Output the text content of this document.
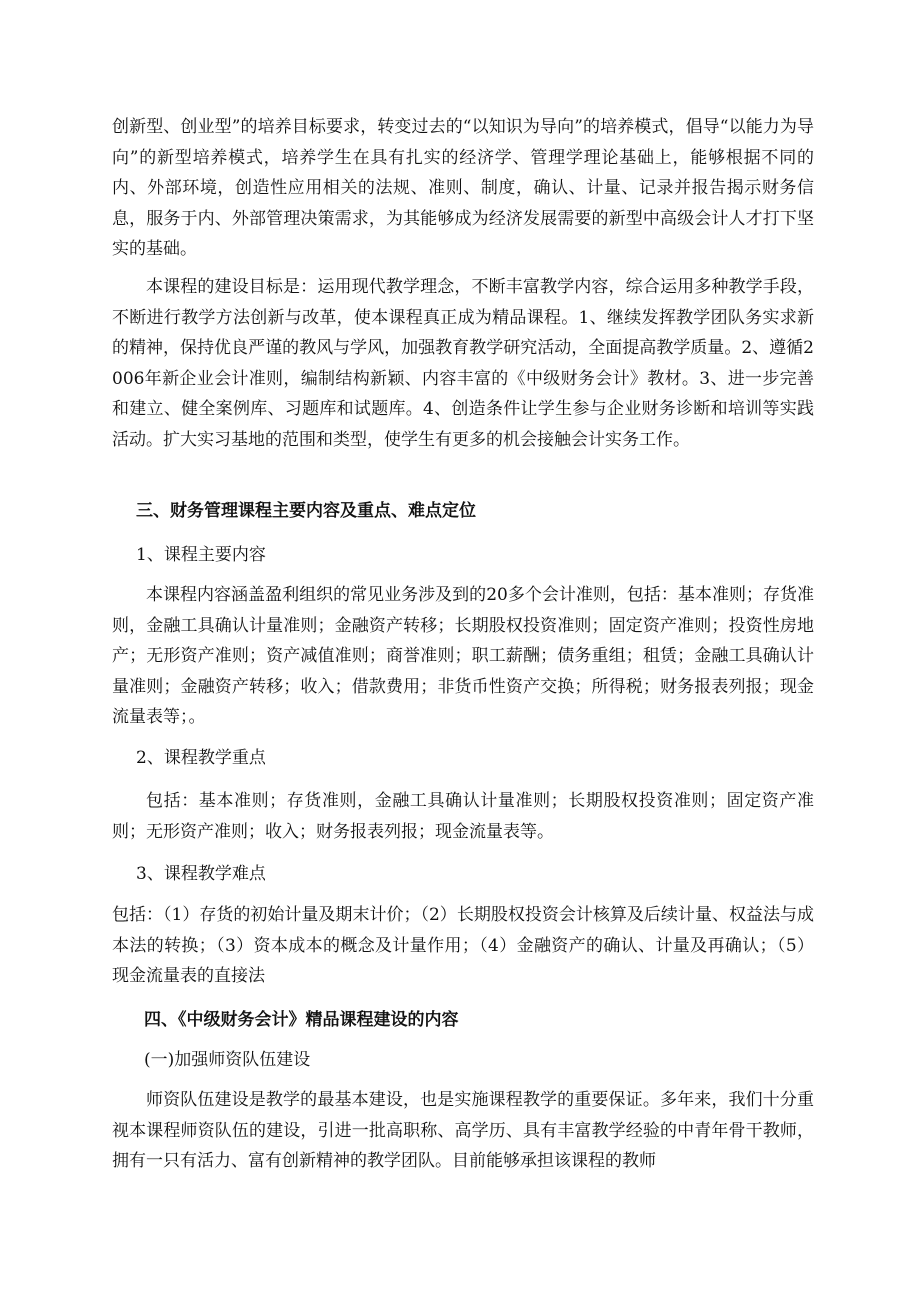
创新型、创业型”的培养目标要求，转变过去的“以知识为导向”的培养模式，倡导“以能力为导向”的新型培养模式，培养学生在具有扎实的经济学、管理学理论基础上，能够根据不同的内、外部环境，创造性应用相关的法规、准则、制度，确认、计量、记录并报告揭示财务信息，服务于内、外部管理决策需求，为其能够成为经济发展需要的新型中高级会计人才打下坚实的基础。

本课程的建设目标是：运用现代教学理念，不断丰富教学内容，综合运用多种教学手段，不断进行教学方法创新与改革，使本课程真正成为精品课程。1、继续发挥教学团队务实求新的精神，保持优良严谨的教风与学风，加强教育教学研究活动，全面提高教学质量。2、遵循2006年新企业会计准则，编制结构新颖、内容丰富的《中级财务会计》教材。3、进一步完善和建立、健全案例库、习题库和试题库。4、创造条件让学生参与企业财务诊断和培训等实践活动。扩大实习基地的范围和类型，使学生有更多的机会接触会计实务工作。

三、财务管理课程主要内容及重点、难点定位

1、课程主要内容

本课程内容涵盖盈利组织的常见业务涉及到的20多个会计准则，包括：基本准则；存货准则，金融工具确认计量准则；金融资产转移；长期股权投资准则；固定资产准则；投资性房地产；无形资产准则；资产减值准则；商誉准则；职工薪酬；债务重组；租赁；金融工具确认计量准则；金融资产转移；收入；借款费用；非货币性资产交换；所得税；财务报表列报；现金流量表等；。

2、课程教学重点

包括：基本准则；存货准则，金融工具确认计量准则；长期股权投资准则；固定资产准则；无形资产准则；收入；财务报表列报；现金流量表等。

3、课程教学难点

包括：（1）存货的初始计量及期末计价；（2）长期股权投资会计核算及后续计量、权益法与成本法的转换；（3）资本成本的概念及计量作用；（4）金融资产的确认、计量及再确认；（5）现金流量表的直接法

四、《中级财务会计》精品课程建设的内容

(一)加强师资队伍建设

师资队伍建设是教学的最基本建设，也是实施课程教学的重要保证。多年来，我们十分重视本课程师资队伍的建设，引进一批高职称、高学历、具有丰富教学经验的中青年骨干教师，拥有一只有活力、富有创新精神的教学团队。目前能够承担该课程的教师
